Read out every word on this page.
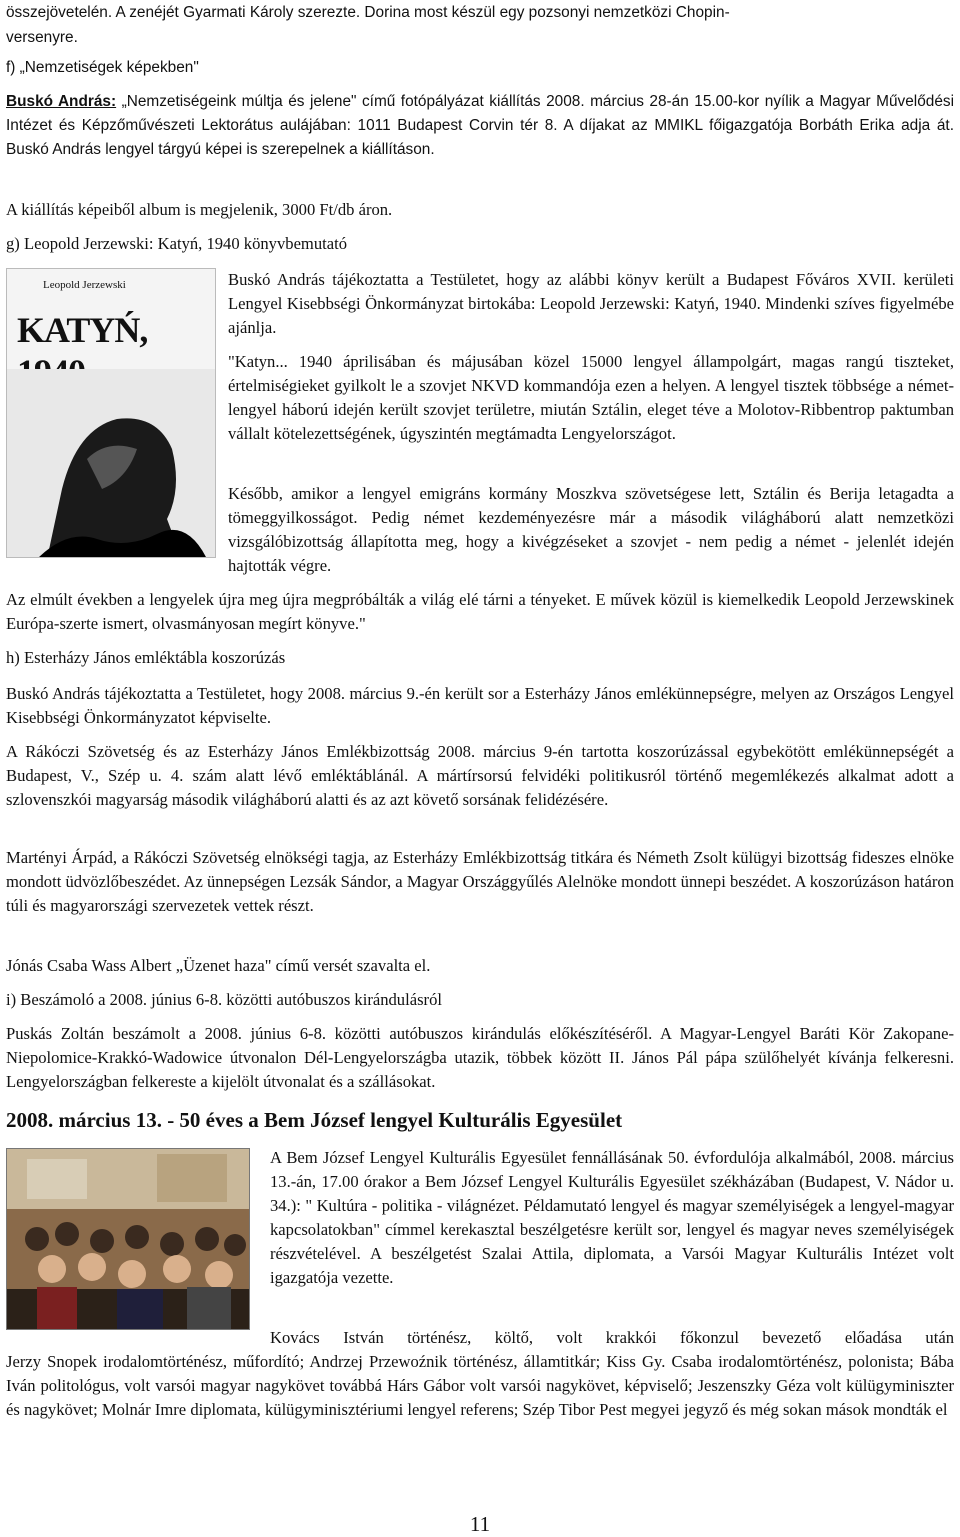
összejövetelén. A zenéjét Gyarmati Károly szerezte. Dorina most készül egy pozsonyi nemzetközi Chopin-
versenyre.

f) „Nemzetiségek képekben"

Buskó András: „Nemzetiségeink múltja és jelene" című fotópályázat kiállítás 2008. március 28-án 15.00-kor nyílik a Magyar Művelődési Intézet és Képzőművészeti Lektorátus aulájában: 1011 Budapest Corvin tér 8. A díjakat az MMIKL főigazgatója Borbáth Erika adja át. Buskó András lengyel tárgyú képei is szerepelnek a kiállításon.

A kiállítás képeiből album is megjelenik, 3000 Ft/db áron.

g) Leopold Jerzewski: Katyń, 1940 könyvbemutató

Leopold Jerzewski
KATYŃ,

Buskó András tájékoztatta a Testületet, hogy az alábbi könyv került a Budapest Főváros XVII. kerületi Lengyel Kisebbségi Önkormányzat birtokába: Leopold Jerzewski: Katyń, 1940. Mindenki szíves figyelmébe ajánlja.

"Katyn... 1940 áprilisában és májusában közel 15000 lengyel állampolgárt, magas rangú tiszteket, értelmiségieket gyilkolt le a szovjet NKVD kommandója ezen a helyen. A lengyel tisztek többsége a német-lengyel háború idején került szovjet területre, miután Sztálin, eleget téve a Molotov-Ribbentrop paktumban vállalt kötelezettségének, úgyszintén megtámadta Lengyelországot.

Később, amikor a lengyel emigráns kormány Moszkva szövetségese lett, Sztálin és Berija letagadta a tömeggyilkosságot. Pedig német kezdeményezésre már a második világháború alatt nemzetközi vizsgálóbizottság állapította meg, hogy a kivégzéseket a szovjet - nem pedig a német - jelenlét idején hajtották végre.

Az elmúlt években a lengyelek újra meg újra megpróbálták a világ elé tárni a tényeket. E művek közül is kiemelkedik Leopold Jerzewskinek Európa-szerte ismert, olvasmányosan megírt könyve."

h) Esterházy János emléktábla koszorúzás

Buskó András tájékoztatta a Testületet, hogy 2008. március 9.-én került sor a Esterházy János emlékünnepségre, melyen az Országos Lengyel Kisebbségi Önkormányzatot képviselte.

A Rákóczi Szövetség és az Esterházy János Emlékbizottság 2008. március 9-én tartotta koszorúzással egybekötött emlékünnepségét a Budapest, V., Szép u. 4. szám alatt lévő emléktáblánál. A mártírsorsú felvidéki politikusról történő megemlékezés alkalmat adott a szlovenszkói magyarság második világháború alatti és az azt követő sorsának felidézésére.

Martényi Árpád, a Rákóczi Szövetség elnökségi tagja, az Esterházy Emlékbizottság titkára és Németh Zsolt külügyi bizottság fideszes elnöke mondott üdvözlőbeszédet. Az ünnepségen Lezsák Sándor, a Magyar Országgyűlés Alelnöke mondott ünnepi beszédet. A koszorúzáson határon túli és magyarországi szervezetek vettek részt.

Jónás Csaba Wass Albert „Üzenet haza" című versét szavalta el.

i) Beszámoló a 2008. június 6-8. közötti autóbuszos kirándulásról

Puskás Zoltán beszámolt a 2008. június 6-8. közötti autóbuszos kirándulás előkészítéséről. A Magyar-Lengyel Baráti Kör Zakopane-Niepolomice-Krakkó-Wadowice útvonalon Dél-Lengyelországba utazik, többek között II. János Pál pápa szülőhelyét kívánja felkeresni. Lengyelországban felkereste a kijelölt útvonalat és a szállásokat.

2008. március 13. - 50 éves a Bem József lengyel Kulturális Egyesület

A Bem József Lengyel Kulturális Egyesület fennállásának 50. évfordulója alkalmából, 2008. március 13.-án, 17.00 órakor a Bem József Lengyel Kulturális Egyesület székházában (Budapest, V. Nádor u. 34.): " Kultúra - politika - világnézet. Példamutató lengyel és magyar személyiségek a lengyel-magyar kapcsolatokban" címmel kerekasztal beszélgetésre került sor, lengyel és magyar neves személyiségek részvételével. A beszélgetést Szalai Attila, diplomata, a Varsói Magyar Kulturális Intézet volt igazgatója vezette.

Kovács István történész, költő, volt krakkói főkonzul bevezető előadása után

Jerzy Snopek irodalomtörténész, műfordító; Andrzej Przewoźnik történész, államtitkár; Kiss Gy. Csaba irodalomtörténész, polonista; Bába Iván politológus, volt varsói magyar nagykövet továbbá Hárs Gábor volt varsói nagykövet, képviselő; Jeszenszky Géza volt külügyminiszter és nagykövet; Molnár Imre diplomata, külügyminisztériumi lengyel referens; Szép Tibor Pest megyei jegyző és még sokan mások mondták el

11
